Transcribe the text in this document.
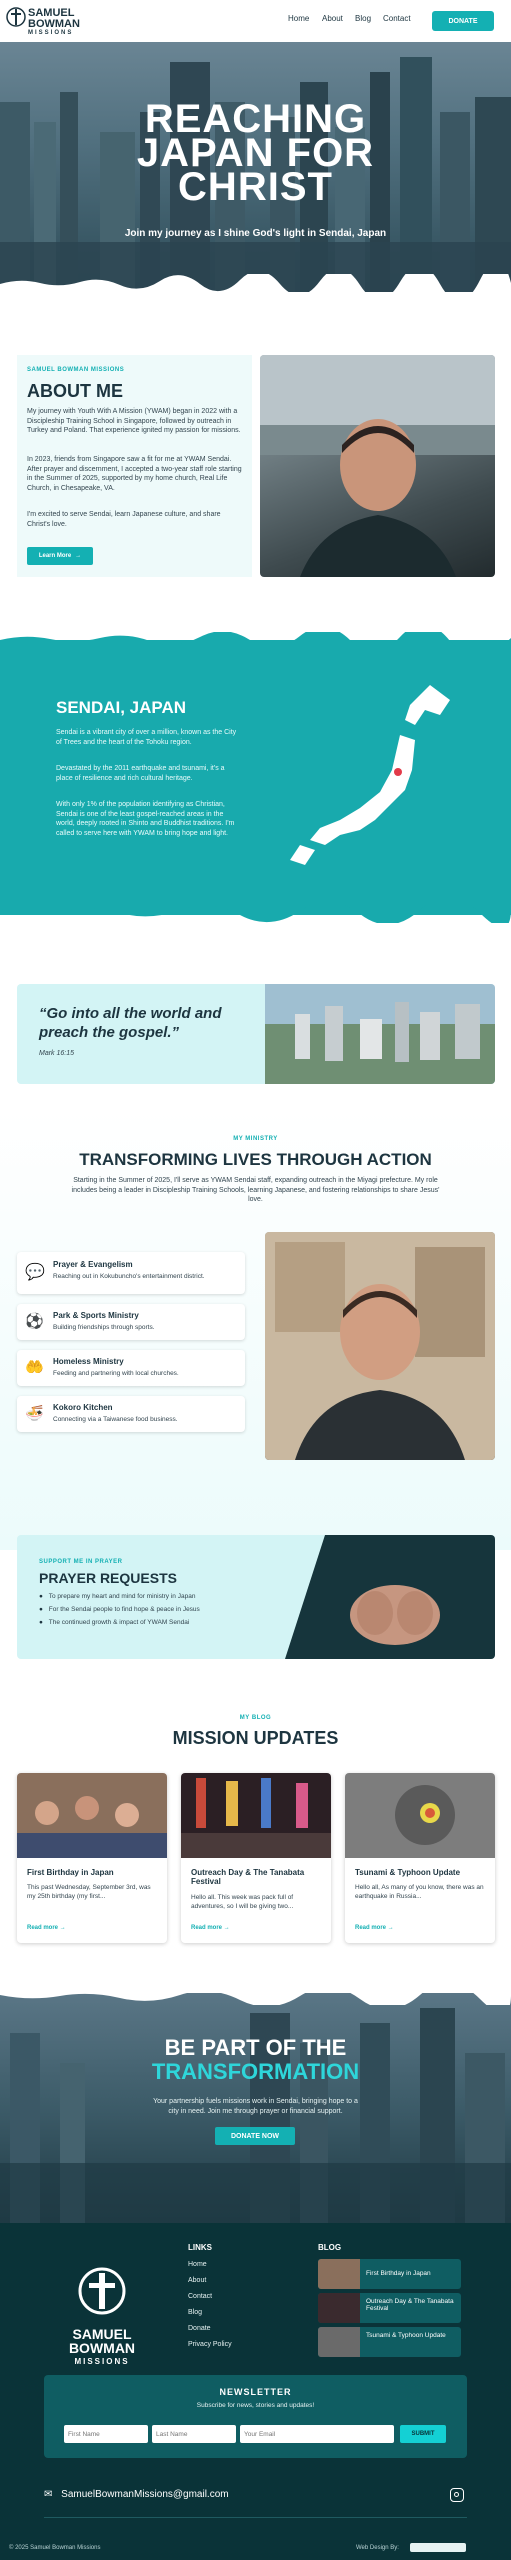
SAMUEL
BOWMAN
MISSIONS
Home About Blog Contact	DONATE
REACHING
JAPAN FOR
CHRIST
Join my journey as I shine God's light in Sendai, Japan
SAMUEL BOWMAN MISSIONS
ABOUT ME
My journey with Youth With A Mission (YWAM) began in 2022 with a Discipleship Training School in Singapore, followed by outreach in Turkey and Poland. That experience ignited my passion for missions.
In 2023, friends from Singapore saw a fit for me at YWAM Sendai. After prayer and discernment, I accepted a two-year staff role starting in the Summer of 2025, supported by my home church, Real Life Church, in Chesapeake, VA.
I'm excited to serve Sendai, learn Japanese culture, and share Christ's love.
Learn More →
SENDAI, JAPAN
Sendai is a vibrant city of over a million, known as the City of Trees and the heart of the Tohoku region.
Devastated by the 2011 earthquake and tsunami, it's a place of resilience and rich cultural heritage.
With only 1% of the population identifying as Christian, Sendai is one of the least gospel-reached areas in the world, deeply rooted in Shinto and Buddhist traditions. I'm called to serve here with YWAM to bring hope and light.
“Go into all the world and
preach the gospel.”
Mark 16:15
MY MINISTRY
TRANSFORMING LIVES THROUGH ACTION
Starting in the Summer of 2025, I'll serve as YWAM Sendai staff, expanding outreach in the Miyagi prefecture. My role
includes being a leader in Discipleship Training Schools, learning Japanese, and fostering relationships to share Jesus'
love.
💬 Prayer & Evangelism
Reaching out in Kokubuncho's entertainment district.
⚽ Park & Sports Ministry
Building friendships through sports.
🤲 Homeless Ministry
Feeding and partnering with local churches.
🍜 Kokoro Kitchen
Connecting via a Taiwanese food business.
SUPPORT ME IN PRAYER
PRAYER REQUESTS
● To prepare my heart and mind for ministry in Japan
● For the Sendai people to find hope & peace in Jesus
● The continued growth & impact of YWAM Sendai
MY BLOG
MISSION UPDATES
First Birthday in Japan
This past Wednesday, September 3rd, was my 25th birthday (my first...
Read more →
Outreach Day & The Tanabata Festival
Hello all. This week was pack full of adventures, so I will be giving two...
Read more →
Tsunami & Typhoon Update
Hello all, As many of you know, there was an earthquake in Russia...
Read more →
BE PART OF THE
TRANSFORMATION
Your partnership fuels missions work in Sendai, bringing hope to a
city in need. Join me through prayer or financial support.
DONATE NOW
SAMUEL
BOWMAN
MISSIONS
LINKS
Home
About
Contact
Blog
Donate
Privacy Policy
BLOG
First Birthday in Japan
Outreach Day & The Tanabata Festival
Tsunami & Typhoon Update
NEWSLETTER
Subscribe for news, stories and updates!
First Name
Last Name
Your Email
SUBMIT
✉ SamuelBowmanMissions@gmail.com
© 2025 Samuel Bowman Missions	Web Design By:
